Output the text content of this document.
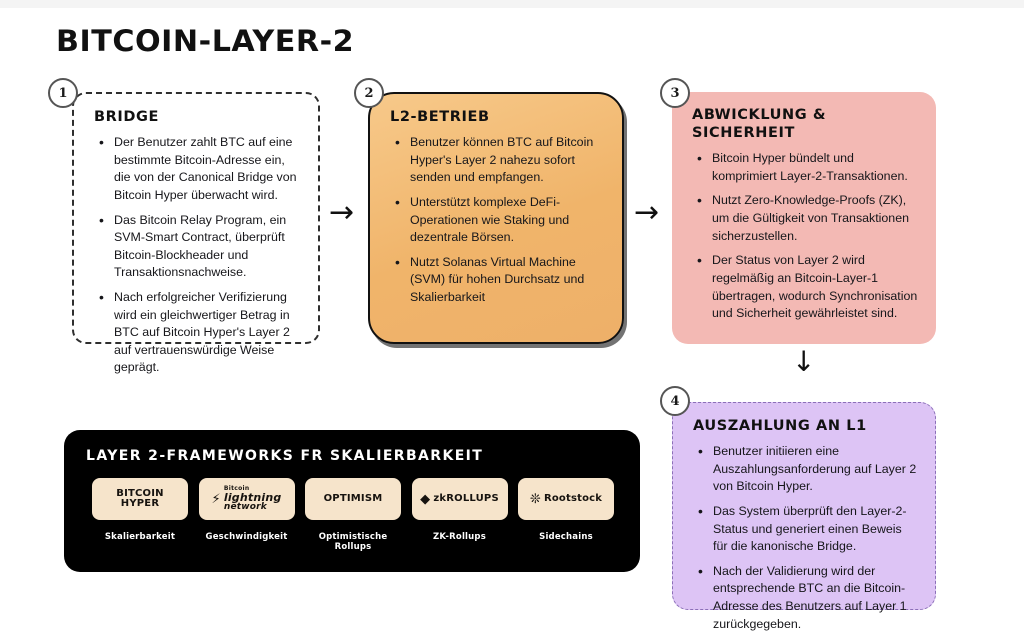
BITCOIN-LAYER-2
1
BRIDGE
• Der Benutzer zahlt BTC auf eine bestimmte Bitcoin-Adresse ein, die von der Canonical Bridge von Bitcoin Hyper überwacht wird.
• Das Bitcoin Relay Program, ein SVM-Smart Contract, überprüft Bitcoin-Blockheader und Transaktionsnachweise.
• Nach erfolgreicher Verifizierung wird ein gleichwertiger Betrag in BTC auf Bitcoin Hyper's Layer 2 auf vertrauenswürdige Weise geprägt.
→
2
L2-BETRIEB
• Benutzer können BTC auf Bitcoin Hyper's Layer 2 nahezu sofort senden und empfangen.
• Unterstützt komplexe DeFi-Operationen wie Staking und dezentrale Börsen.
• Nutzt Solanas Virtual Machine (SVM) für hohen Durchsatz und Skalierbarkeit
→
3
ABWICKLUNG & SICHERHEIT
• Bitcoin Hyper bündelt und komprimiert Layer-2-Transaktionen.
• Nutzt Zero-Knowledge-Proofs (ZK), um die Gültigkeit von Transaktionen sicherzustellen.
• Der Status von Layer 2 wird regelmäßig an Bitcoin-Layer-1 übertragen, wodurch Synchronisation und Sicherheit gewährleistet sind.
↓
4
AUSZAHLUNG AN L1
• Benutzer initiieren eine Auszahlungsanforderung auf Layer 2 von Bitcoin Hyper.
• Das System überprüft den Layer-2-Status und generiert einen Beweis für die kanonische Bridge.
• Nach der Validierung wird der entsprechende BTC an die Bitcoin-Adresse des Benutzers auf Layer 1 zurückgegeben.
LAYER 2-FRAMEWORKS FR SKALIERBARKEIT
BITCOIN HYPER
Skalierbarkeit
⚡
Bitcoin
lightning
network
Geschwindigkeit
OPTIMISM
Optimistische Rollups
◆ zkROLLUPS
ZK-Rollups
❊ Rootstock
Sidechains
